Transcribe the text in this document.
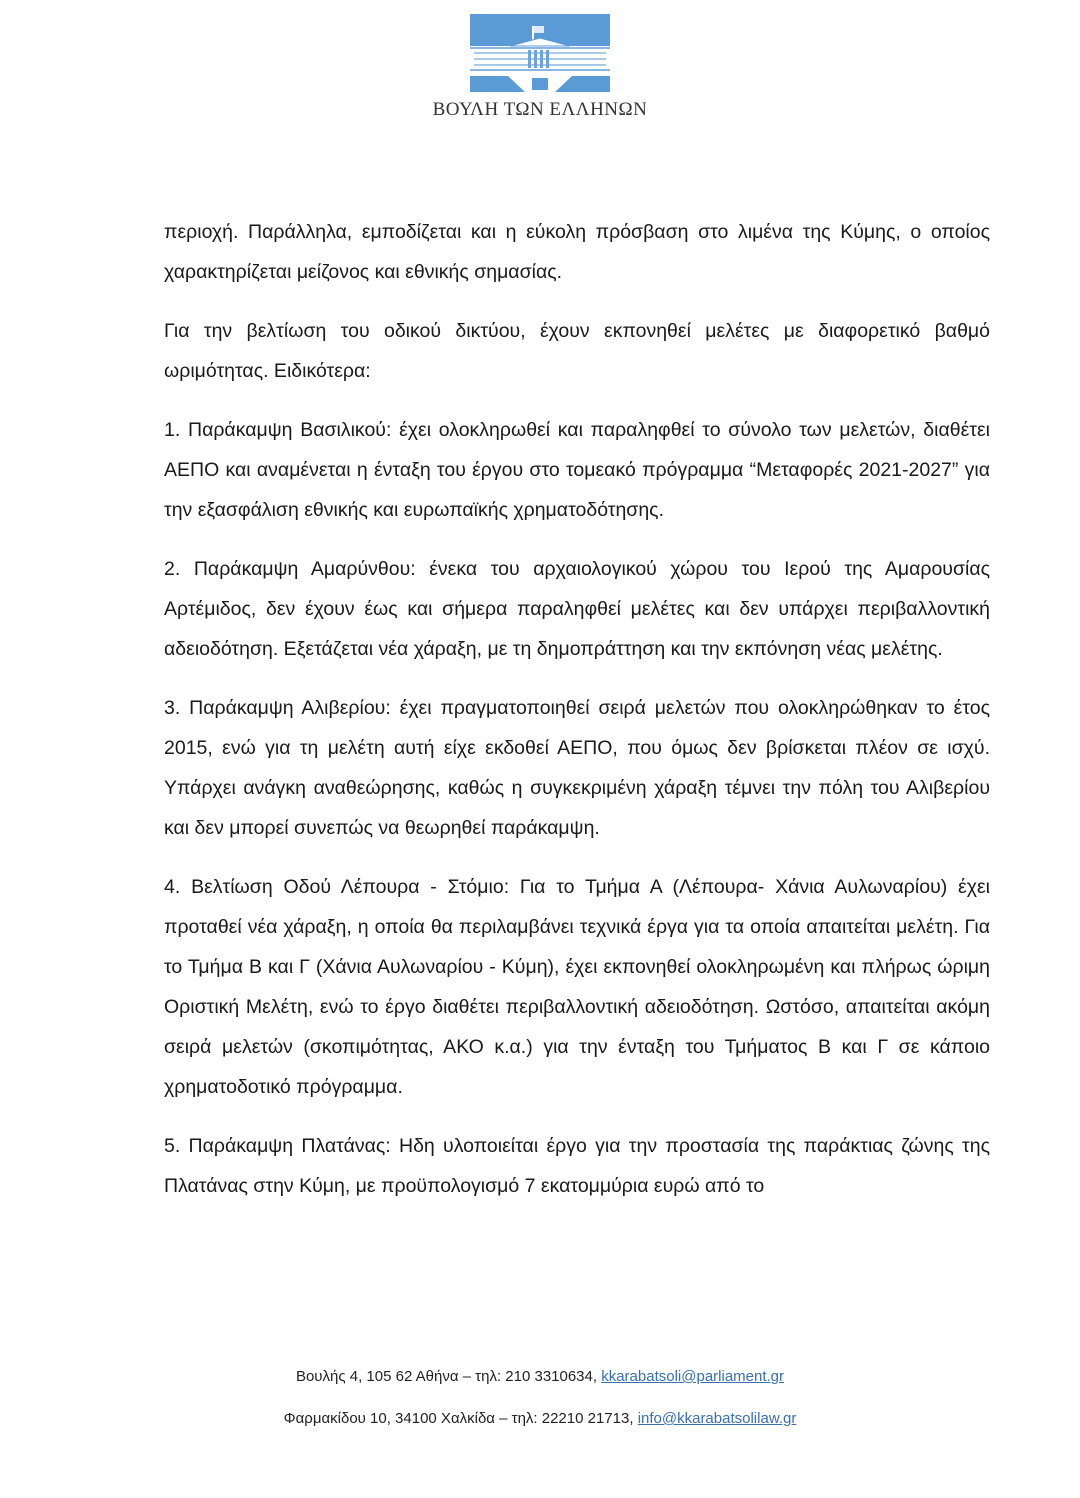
ΒΟΥΛΗ ΤΩΝ ΕΛΛΗΝΩΝ

περιοχή. Παράλληλα, εμποδίζεται και η εύκολη πρόσβαση στο λιμένα της Κύμης, ο οποίος χαρακτηρίζεται μείζονος και εθνικής σημασίας.

Για την βελτίωση του οδικού δικτύου, έχουν εκπονηθεί μελέτες με διαφορετικό βαθμό ωριμότητας. Ειδικότερα:

1. Παράκαμψη Βασιλικού: έχει ολοκληρωθεί και παραληφθεί το σύνολο των μελετών, διαθέτει ΑΕΠΟ και αναμένεται η ένταξη του έργου στο τομεακό πρόγραμμα “Μεταφορές 2021-2027” για την εξασφάλιση εθνικής και ευρωπαϊκής χρηματοδότησης.

2. Παράκαμψη Αμαρύνθου: ένεκα του αρχαιολογικού χώρου του Ιερού της Αμαρουσίας Αρτέμιδος, δεν έχουν έως και σήμερα παραληφθεί μελέτες και δεν υπάρχει περιβαλλοντική αδειοδότηση. Εξετάζεται νέα χάραξη, με τη δημοπράττηση και την εκπόνηση νέας μελέτης.

3. Παράκαμψη Αλιβερίου: έχει πραγματοποιηθεί σειρά μελετών που ολοκληρώθηκαν το έτος 2015, ενώ για τη μελέτη αυτή είχε εκδοθεί ΑΕΠΟ, που όμως δεν βρίσκεται πλέον σε ισχύ. Υπάρχει ανάγκη αναθεώρησης, καθώς η συγκεκριμένη χάραξη τέμνει την πόλη του Αλιβερίου και δεν μπορεί συνεπώς να θεωρηθεί παράκαμψη.

4. Βελτίωση Οδού Λέπουρα - Στόμιο: Για το Τμήμα Α (Λέπουρα- Χάνια Αυλωναρίου) έχει προταθεί νέα χάραξη, η οποία θα περιλαμβάνει τεχνικά έργα για τα οποία απαιτείται μελέτη. Για το Τμήμα Β και Γ (Χάνια Αυλωναρίου - Κύμη), έχει εκπονηθεί ολοκληρωμένη και πλήρως ώριμη Οριστική Μελέτη, ενώ το έργο διαθέτει περιβαλλοντική αδειοδότηση. Ωστόσο, απαιτείται ακόμη σειρά μελετών (σκοπιμότητας, ΑΚΟ κ.α.) για την ένταξη του Τμήματος Β και Γ σε κάποιο χρηματοδοτικό πρόγραμμα.

5. Παράκαμψη Πλατάνας: Ηδη υλοποιείται έργο για την προστασία της παράκτιας ζώνης της Πλατάνας στην Κύμη, με προϋπολογισμό 7 εκατομμύρια ευρώ από το

Βουλής 4, 105 62 Αθήνα – τηλ: 210 3310634, kkarabatsoli@parliament.gr
Φαρμακίδου 10, 34100 Χαλκίδα – τηλ: 22210 21713, info@kkarabatsolilaw.gr
